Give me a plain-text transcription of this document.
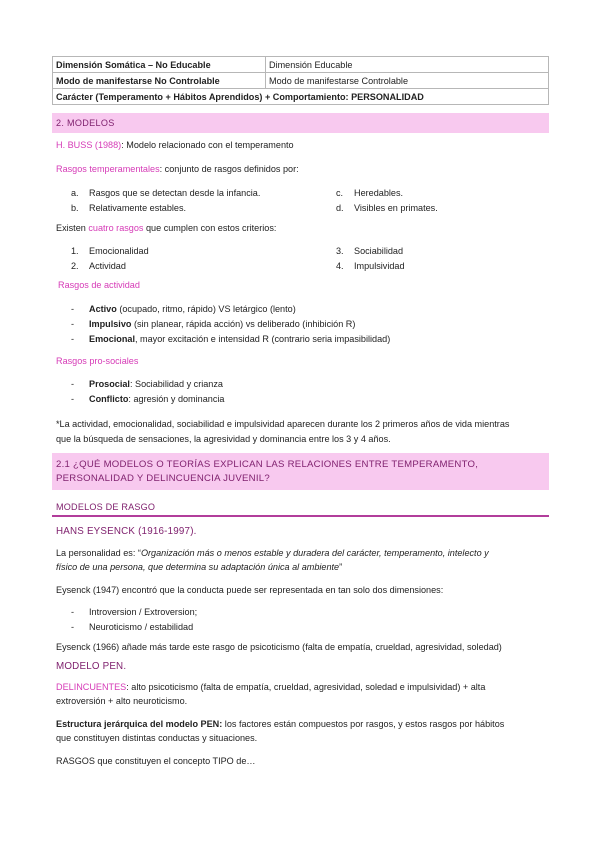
Dimensión Somática – No Educable	Dimensión Educable
Modo de manifestarse No Controlable	Modo de manifestarse Controlable
Carácter (Temperamento + Hábitos Aprendidos) + Comportamiento: PERSONALIDAD	
2. MODELOS
H. BUSS (1988): Modelo relacionado con el temperamento
Rasgos temperamentales: conjunto de rasgos definidos por:
a. Rasgos que se detectan desde la infancia.
b. Relativamente estables.
c. Heredables.
d. Visibles en primates.
Existen cuatro rasgos que cumplen con estos criterios:
1. Emocionalidad
2. Actividad
3. Sociabilidad
4. Impulsividad
Rasgos de actividad
- Activo (ocupado, ritmo, rápido) VS letárgico (lento)
- Impulsivo (sin planear, rápida acción) vs deliberado (inhibición R)
- Emocional, mayor excitación e intensidad R (contrario seria impasibilidad)
Rasgos pro-sociales
- Prosocial: Sociabilidad y crianza
- Conflicto: agresión y dominancia
*La actividad, emocionalidad, sociabilidad e impulsividad aparecen durante los 2 primeros años de vida mientras
que la búsqueda de sensaciones, la agresividad y dominancia entre los 3 y 4 años.
2.1 ¿QUÉ MODELOS O TEORÍAS EXPLICAN LAS RELACIONES ENTRE TEMPERAMENTO,
PERSONALIDAD Y DELINCUENCIA JUVENIL?
MODELOS DE RASGO
HANS EYSENCK (1916-1997).
La personalidad es: “Organización más o menos estable y duradera del carácter, temperamento, intelecto y
físico de una persona, que determina su adaptación única al ambiente”
Eysenck (1947) encontró que la conducta puede ser representada en tan solo dos dimensiones:
- Introversion / Extroversion;
- Neuroticismo / estabilidad
Eysenck (1966) añade más tarde este rasgo de psicoticismo (falta de empatía, crueldad, agresividad, soledad)
MODELO PEN.
DELINCUENTES: alto psicoticismo (falta de empatía, crueldad, agresividad, soledad e impulsividad) + alta
extroversión + alto neuroticismo.
Estructura jerárquica del modelo PEN: los factores están compuestos por rasgos, y estos rasgos por hábitos
que constituyen distintas conductas y situaciones.
RASGOS que constituyen el concepto TIPO de…
